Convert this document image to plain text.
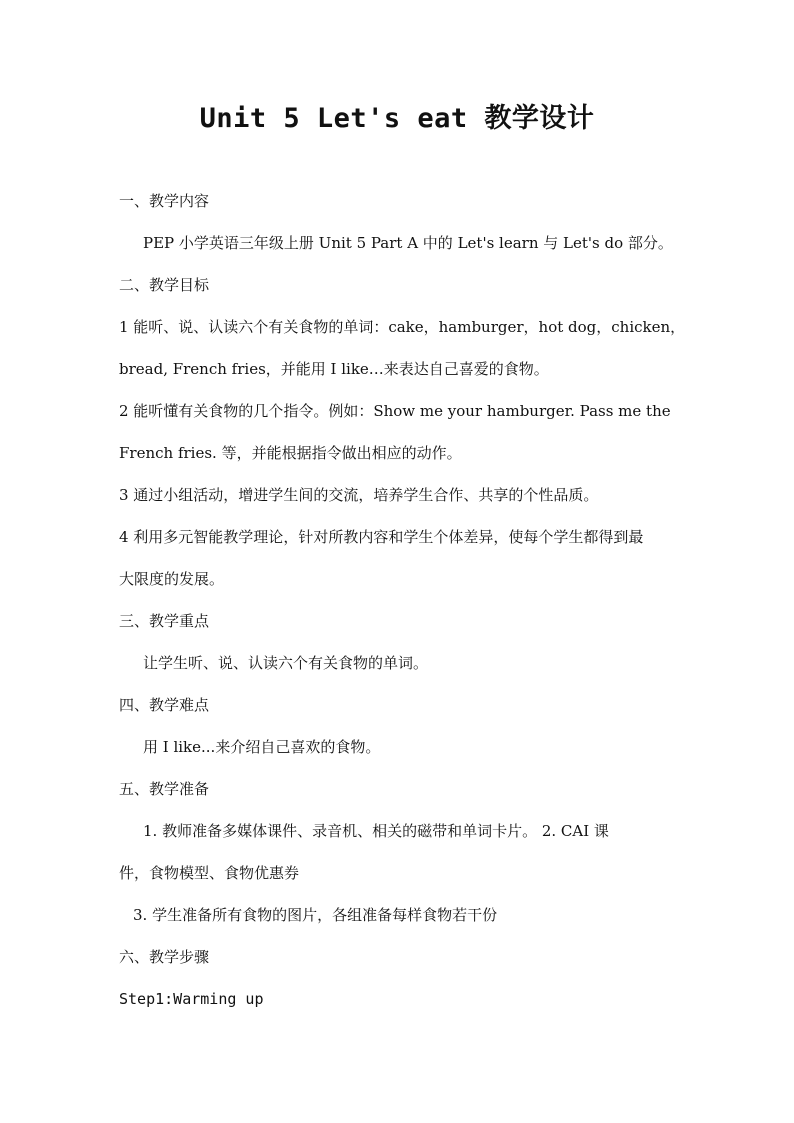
Unit 5 Let's eat 教学设计
一、教学内容
PEP 小学英语三年级上册 Unit 5 Part A 中的 Let's learn 与 Let's do 部分。
二、教学目标
1 能听、说、认读六个有关食物的单词：cake，hamburger，hot dog，chicken，
bread, French fries，并能用 I like…来表达自己喜爱的食物。
2 能听懂有关食物的几个指令。例如：Show me your hamburger. Pass me the
French fries. 等，并能根据指令做出相应的动作。
3 通过小组活动，增进学生间的交流，培养学生合作、共享的个性品质。
4 利用多元智能教学理论，针对所教内容和学生个体差异，使每个学生都得到最
大限度的发展。
三、教学重点
让学生听、说、认读六个有关食物的单词。
四、教学难点
用 I like...来介绍自己喜欢的食物。
五、教学准备
1. 教师准备多媒体课件、录音机、相关的磁带和单词卡片。 2. CAI 课
件，食物模型、食物优惠券
3. 学生准备所有食物的图片，各组准备每样食物若干份
六、教学步骤
Step1:Warming up
